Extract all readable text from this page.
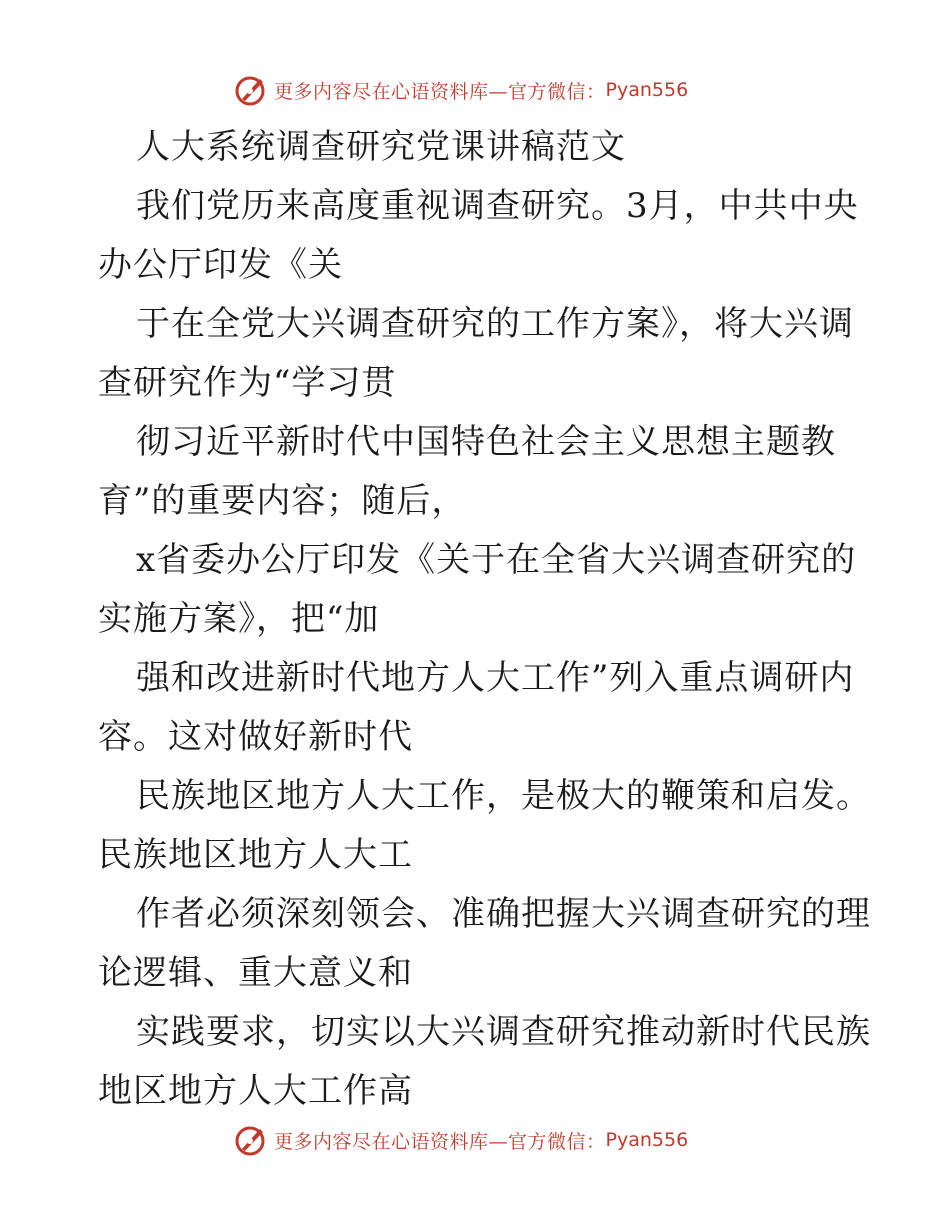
更多内容尽在心语资料库—官方微信： Pyan556
人大系统调查研究党课讲稿范文
我们党历来高度重视调查研究。3月，中共中央
办公厅印发《关
于在全党大兴调查研究的工作方案》，将大兴调
查研究作为“学习贯
彻习近平新时代中国特色社会主义思想主题教
育”的重要内容；随后，
x省委办公厅印发《关于在全省大兴调查研究的
实施方案》，把“加
强和改进新时代地方人大工作”列入重点调研内
容。这对做好新时代
民族地区地方人大工作，是极大的鞭策和启发。
民族地区地方人大工
作者必须深刻领会、准确把握大兴调查研究的理
论逻辑、重大意义和
实践要求，切实以大兴调查研究推动新时代民族
地区地方人大工作高
更多内容尽在心语资料库—官方微信： Pyan556
